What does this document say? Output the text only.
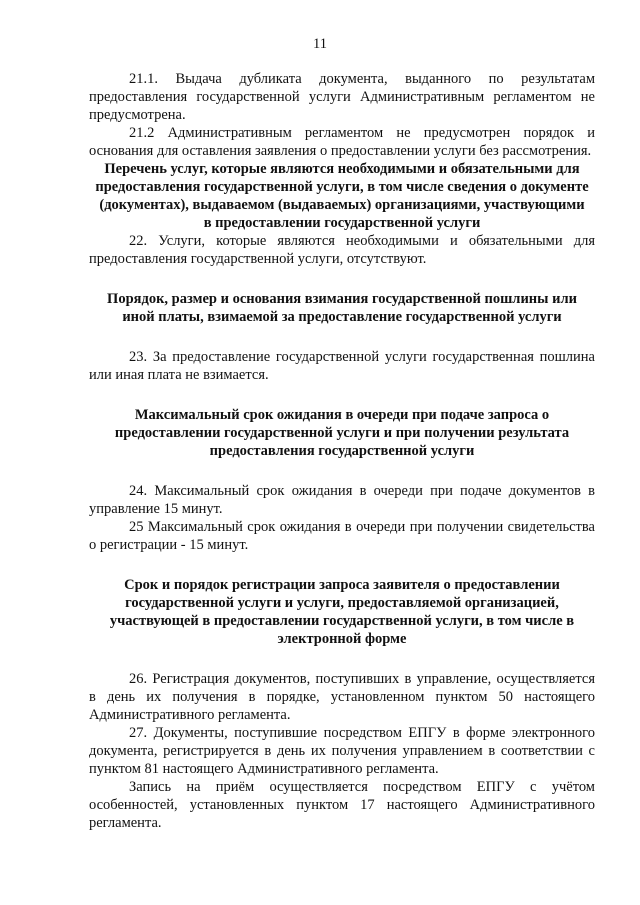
11

21.1. Выдача дубликата документа, выданного по результатам предоставления государственной услуги Административным регламентом не предусмотрена.

21.2 Административным регламентом не предусмотрен порядок и основания для оставления заявления о предоставлении услуги без рассмотрения.

Перечень услуг, которые являются необходимыми и обязательными для предоставления государственной услуги, в том числе сведения о документе (документах), выдаваемом (выдаваемых) организациями, участвующими в предоставлении государственной услуги

22. Услуги, которые являются необходимыми и обязательными для предоставления государственной услуги, отсутствуют.

Порядок, размер и основания взимания государственной пошлины или иной платы, взимаемой за предоставление государственной услуги

23. За предоставление государственной услуги государственная пошлина или иная плата не взимается.

Максимальный срок ожидания в очереди при подаче запроса о предоставлении государственной услуги и при получении результата предоставления государственной услуги

24. Максимальный срок ожидания в очереди при подаче документов в управление 15 минут.

25 Максимальный срок ожидания в очереди при получении свидетельства о регистрации - 15 минут.

Срок и порядок регистрации запроса заявителя о предоставлении государственной услуги и услуги, предоставляемой организацией, участвующей в предоставлении государственной услуги, в том числе в электронной форме

26. Регистрация документов, поступивших в управление, осуществляется в день их получения в порядке, установленном пунктом 50 настоящего Административного регламента.

27. Документы, поступившие посредством ЕПГУ в форме электронного документа, регистрируется в день их получения управлением в соответствии с пунктом 81 настоящего Административного регламента.

Запись на приём осуществляется посредством ЕПГУ с учётом особенностей, установленных пунктом 17 настоящего Административного регламента.
